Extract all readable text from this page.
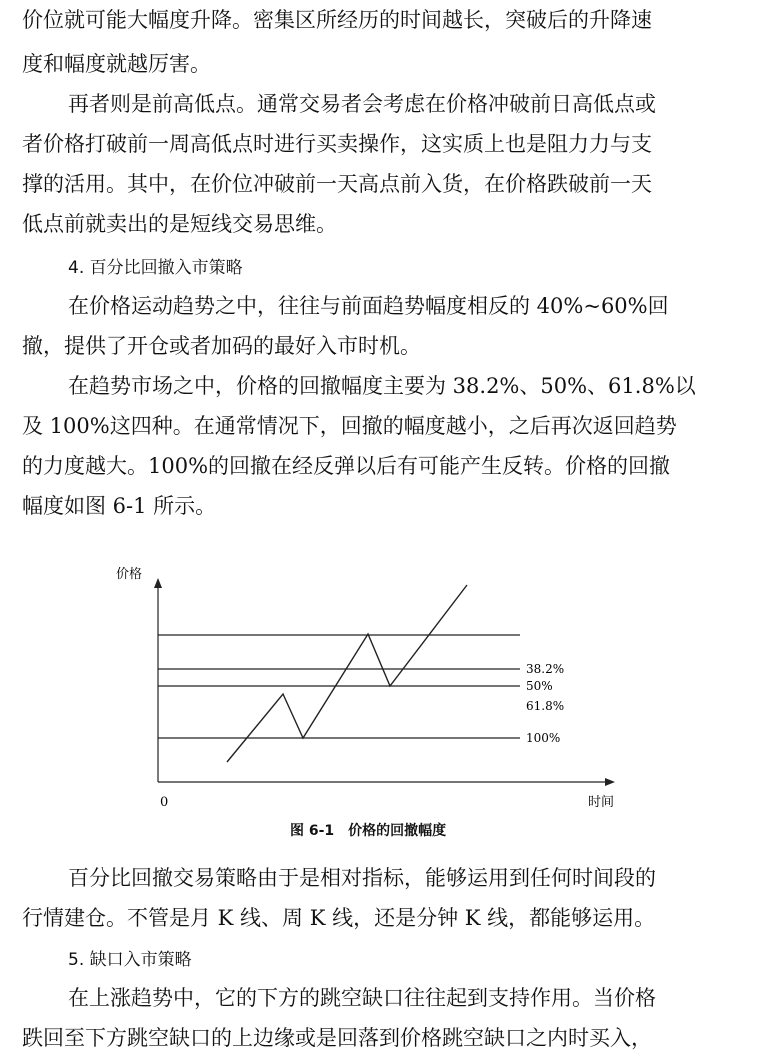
价位就可能大幅度升降。密集区所经历的时间越长，突破后的升降速
度和幅度就越厉害。
再者则是前高低点。通常交易者会考虑在价格冲破前日高低点或
者价格打破前一周高低点时进行买卖操作，这实质上也是阻力力与支
撑的活用。其中，在价位冲破前一天高点前入货，在价格跌破前一天
低点前就卖出的是短线交易思维。
4. 百分比回撤入市策略
在价格运动趋势之中，往往与前面趋势幅度相反的 40%~60%回
撤，提供了开仓或者加码的最好入市时机。
在趋势市场之中，价格的回撤幅度主要为 38.2%、50%、61.8%以
及 100%这四种。在通常情况下，回撤的幅度越小，之后再次返回趋势
的力度越大。100%的回撤在经反弹以后有可能产生反转。价格的回撤
幅度如图 6-1 所示。
价格
时间
0
38.2%
50%
61.8%
100%
图 6-1　价格的回撤幅度
百分比回撤交易策略由于是相对指标，能够运用到任何时间段的
行情建仓。不管是月 K 线、周 K 线，还是分钟 K 线，都能够运用。
5. 缺口入市策略
在上涨趋势中，它的下方的跳空缺口往往起到支持作用。当价格
跌回至下方跳空缺口的上边缘或是回落到价格跳空缺口之内时买入，
